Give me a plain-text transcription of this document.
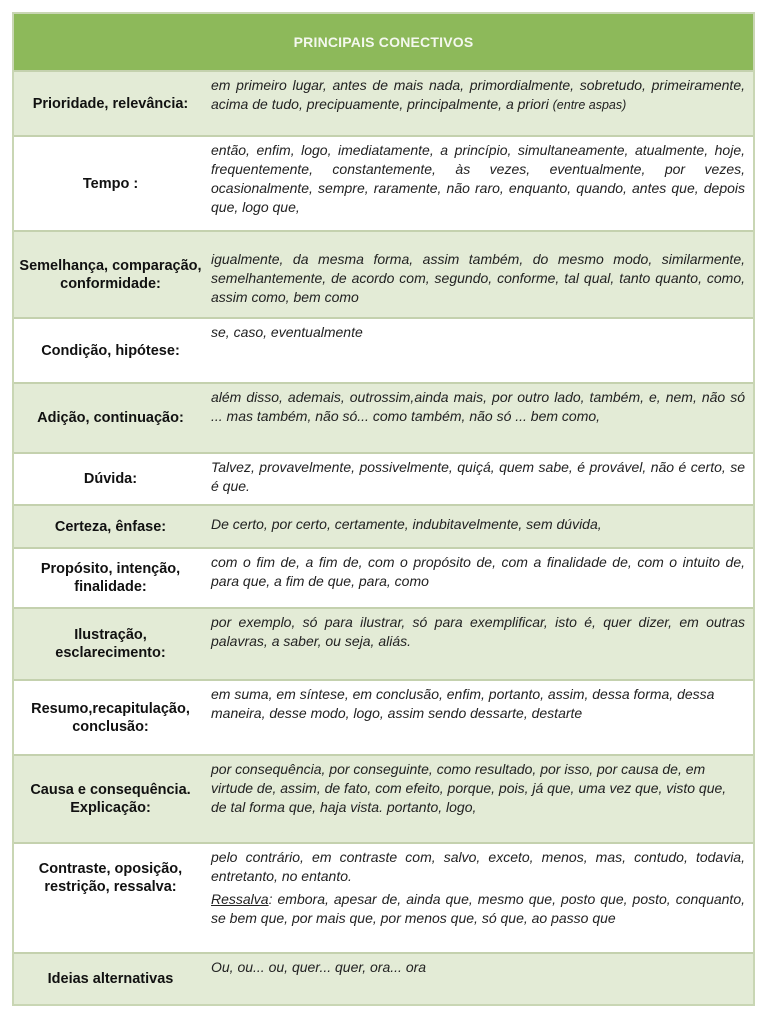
PRINCIPAIS CONECTIVOS
Prioridade, relevância:
em primeiro lugar, antes de mais nada, primordialmente, sobretudo, primeiramente, acima de tudo, precipuamente, principalmente, a priori (entre aspas)
Tempo :
então, enfim, logo, imediatamente, a princípio, simultaneamente, atualmente, hoje, frequentemente, constantemente, às vezes, eventualmente, por vezes, ocasionalmente, sempre, raramente, não raro, enquanto, quando, antes que, depois que, logo que,
Semelhança, comparação, conformidade:
igualmente, da mesma forma, assim também, do mesmo modo, similarmente, semelhantemente, de acordo com, segundo, conforme, tal qual, tanto quanto, como, assim como, bem como
Condição, hipótese:
se, caso, eventualmente
Adição, continuação:
além disso, ademais, outrossim,ainda mais, por outro lado, também, e, nem, não só ... mas também, não só... como também, não só ... bem como,
Dúvida:
Talvez, provavelmente, possivelmente, quiçá, quem sabe, é provável, não é certo, se é que.
Certeza, ênfase:	De certo, por certo, certamente, indubitavelmente, sem dúvida,
Propósito, intenção, finalidade:
com o fim de, a fim de, com o propósito de, com a finalidade de, com o intuito de, para que, a fim de que, para, como
Ilustração, esclarecimento:
por exemplo, só para ilustrar, só para exemplificar, isto é, quer dizer, em outras palavras, a saber, ou seja, aliás.
Resumo,recapitulação, conclusão:
em suma, em síntese, em conclusão, enfim, portanto, assim, dessa forma, dessa maneira, desse modo, logo, assim sendo dessarte, destarte
Causa e consequência. Explicação:
por consequência, por conseguinte, como resultado, por isso, por causa de, em virtude de, assim, de fato, com efeito, porque, pois, já que, uma vez que, visto que, de tal forma que, haja vista. portanto, logo,
Contraste, oposição, restrição, ressalva:
pelo contrário, em contraste com, salvo, exceto, menos, mas, contudo, todavia, entretanto, no entanto.
Ressalva: embora, apesar de, ainda que, mesmo que, posto que, posto, conquanto, se bem que, por mais que, por menos que, só que, ao passo que
Ideias alternativas
Ou, ou... ou, quer... quer, ora... ora
